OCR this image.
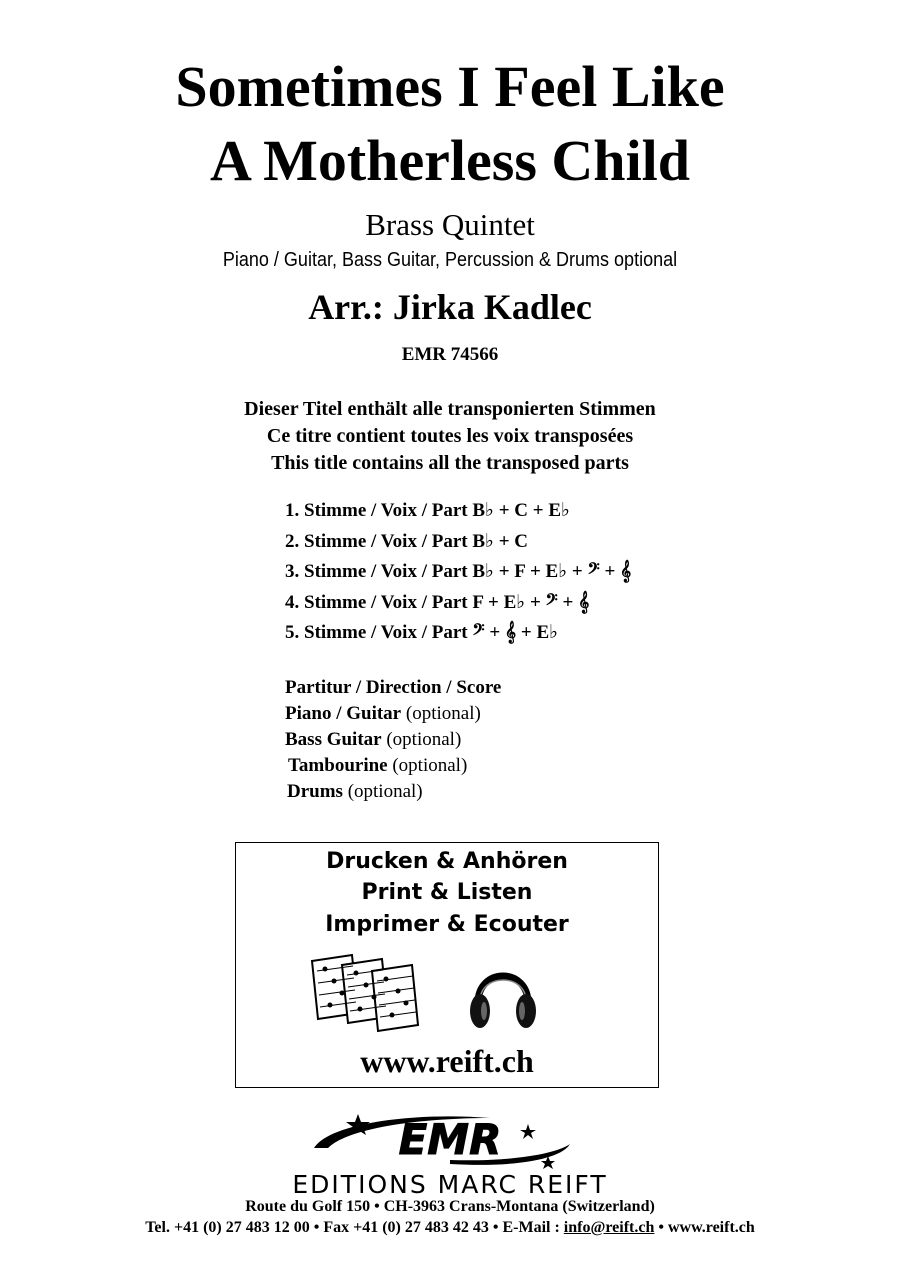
Sometimes I Feel Like
A Motherless Child
Brass Quintet
Piano / Guitar, Bass Guitar, Percussion & Drums optional
Arr.: Jirka Kadlec
EMR 74566
Dieser Titel enthält alle transponierten Stimmen
Ce titre contient toutes les voix transposées
This title contains all the transposed parts
1. Stimme / Voix / Part B♭ + C + E♭
2. Stimme / Voix / Part B♭ + C
3. Stimme / Voix / Part B♭ + F + E♭ + 𝄢 + 𝄞
4. Stimme / Voix / Part F + E♭ + 𝄢 + 𝄞
5. Stimme / Voix / Part 𝄢 + 𝄞 + E♭
Partitur / Direction / Score
Piano / Guitar (optional)
Bass Guitar (optional)
Tambourine (optional)
Drums (optional)
Drucken & Anhören
Print & Listen
Imprimer & Ecouter
www.reift.ch
EMR
EDITIONS MARC REIFT
Route du Golf 150 • CH-3963 Crans-Montana (Switzerland)
Tel. +41 (0) 27 483 12 00 • Fax +41 (0) 27 483 42 43 • E-Mail : info@reift.ch • www.reift.ch
